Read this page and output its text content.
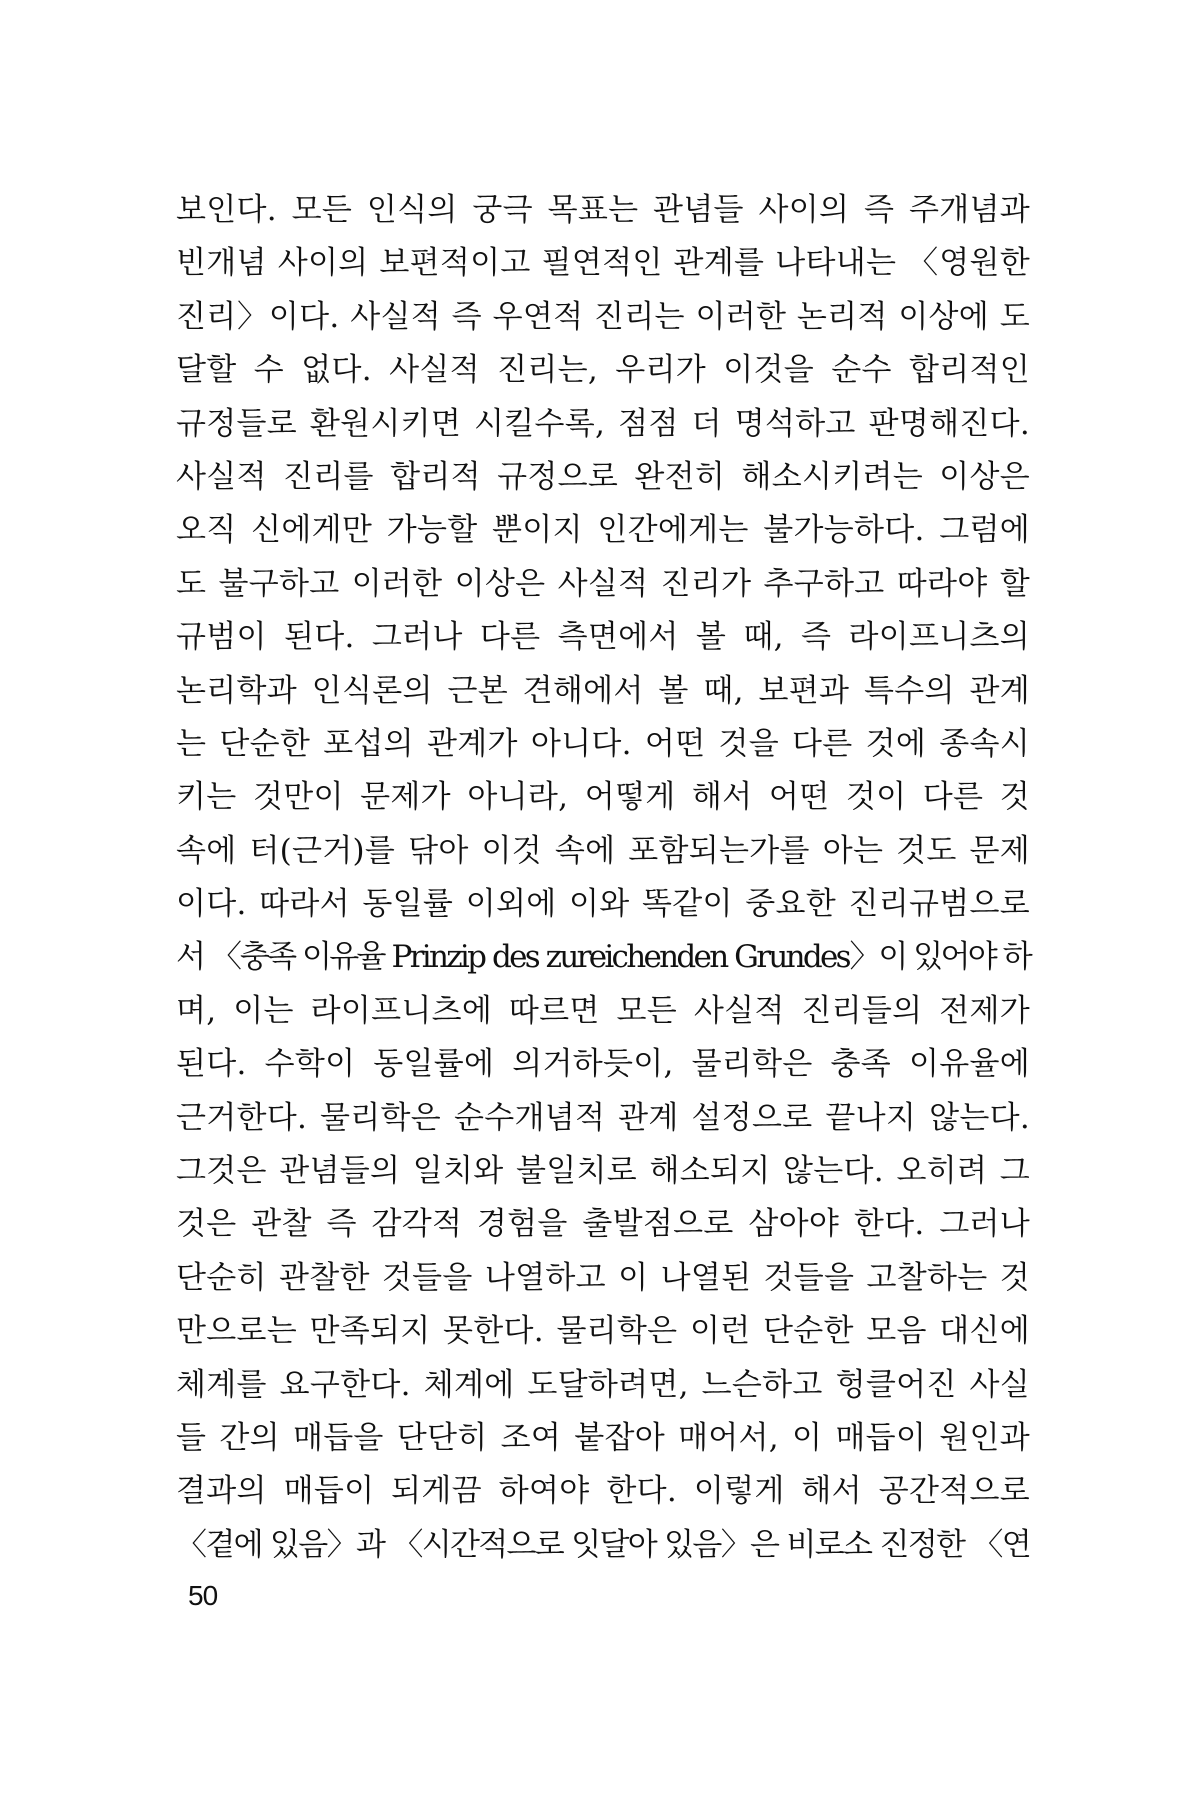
보인다. 모든 인식의 궁극 목표는 관념들 사이의 즉 주개념과
빈개념 사이의 보편적이고 필연적인 관계를 나타내는 〈영원한
진리〉이다. 사실적 즉 우연적 진리는 이러한 논리적 이상에 도
달할 수 없다. 사실적 진리는, 우리가 이것을 순수 합리적인
규정들로 환원시키면 시킬수록, 점점 더 명석하고 판명해진다.
사실적 진리를 합리적 규정으로 완전히 해소시키려는 이상은
오직 신에게만 가능할 뿐이지 인간에게는 불가능하다. 그럼에
도 불구하고 이러한 이상은 사실적 진리가 추구하고 따라야 할
규범이 된다. 그러나 다른 측면에서 볼 때, 즉 라이프니츠의
논리학과 인식론의 근본 견해에서 볼 때, 보편과 특수의 관계
는 단순한 포섭의 관계가 아니다. 어떤 것을 다른 것에 종속시
키는 것만이 문제가 아니라, 어떻게 해서 어떤 것이 다른 것
속에 터(근거)를 닦아 이것 속에 포함되는가를 아는 것도 문제
이다. 따라서 동일률 이외에 이와 똑같이 중요한 진리규범으로
서 〈충족 이유율 Prinzip des zureichenden Grundes〉이 있어야 하
며, 이는 라이프니츠에 따르면 모든 사실적 진리들의 전제가
된다. 수학이 동일률에 의거하듯이, 물리학은 충족 이유율에
근거한다. 물리학은 순수개념적 관계 설정으로 끝나지 않는다.
그것은 관념들의 일치와 불일치로 해소되지 않는다. 오히려 그
것은 관찰 즉 감각적 경험을 출발점으로 삼아야 한다. 그러나
단순히 관찰한 것들을 나열하고 이 나열된 것들을 고찰하는 것
만으로는 만족되지 못한다. 물리학은 이런 단순한 모음 대신에
체계를 요구한다. 체계에 도달하려면, 느슨하고 헝클어진 사실
들 간의 매듭을 단단히 조여 붙잡아 매어서, 이 매듭이 원인과
결과의 매듭이 되게끔 하여야 한다. 이렇게 해서 공간적으로
〈곁에 있음〉과 〈시간적으로 잇달아 있음〉은 비로소 진정한 〈연
50
